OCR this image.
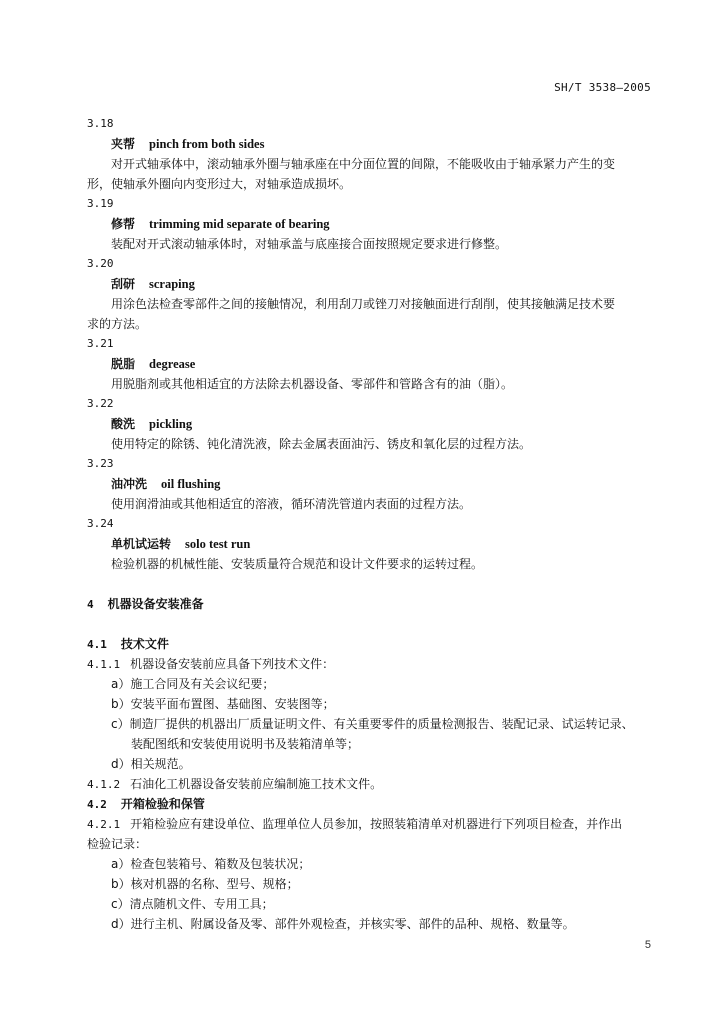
SH/T 3538—2005
3.18
夹帮 pinch from both sides
对开式轴承体中，滚动轴承外圈与轴承座在中分面位置的间隙，不能吸收由于轴承紧力产生的变
形，使轴承外圈向内变形过大，对轴承造成损坏。
3.19
修帮 trimming mid separate of bearing
装配对开式滚动轴承体时，对轴承盖与底座接合面按照规定要求进行修整。
3.20
刮研 scraping
用涂色法检查零部件之间的接触情况，利用刮刀或锉刀对接触面进行刮削，使其接触满足技术要
求的方法。
3.21
脱脂 degrease
用脱脂剂或其他相适宜的方法除去机器设备、零部件和管路含有的油（脂）。
3.22
酸洗 pickling
使用特定的除锈、钝化清洗液，除去金属表面油污、锈皮和氧化层的过程方法。
3.23
油冲洗 oil flushing
使用润滑油或其他相适宜的溶液，循环清洗管道内表面的过程方法。
3.24
单机试运转 solo test run
检验机器的机械性能、安装质量符合规范和设计文件要求的运转过程。
4 机器设备安装准备
4.1 技术文件
4.1.1 机器设备安装前应具备下列技术文件：
a）施工合同及有关会议纪要；
b）安装平面布置图、基础图、安装图等；
c）制造厂提供的机器出厂质量证明文件、有关重要零件的质量检测报告、装配记录、试运转记录、
装配图纸和安装使用说明书及装箱清单等；
d）相关规范。
4.1.2 石油化工机器设备安装前应编制施工技术文件。
4.2 开箱检验和保管
4.2.1 开箱检验应有建设单位、监理单位人员参加，按照装箱清单对机器进行下列项目检查，并作出
检验记录：
a）检查包装箱号、箱数及包装状况；
b）核对机器的名称、型号、规格；
c）清点随机文件、专用工具；
d）进行主机、附属设备及零、部件外观检查，并核实零、部件的品种、规格、数量等。
5
